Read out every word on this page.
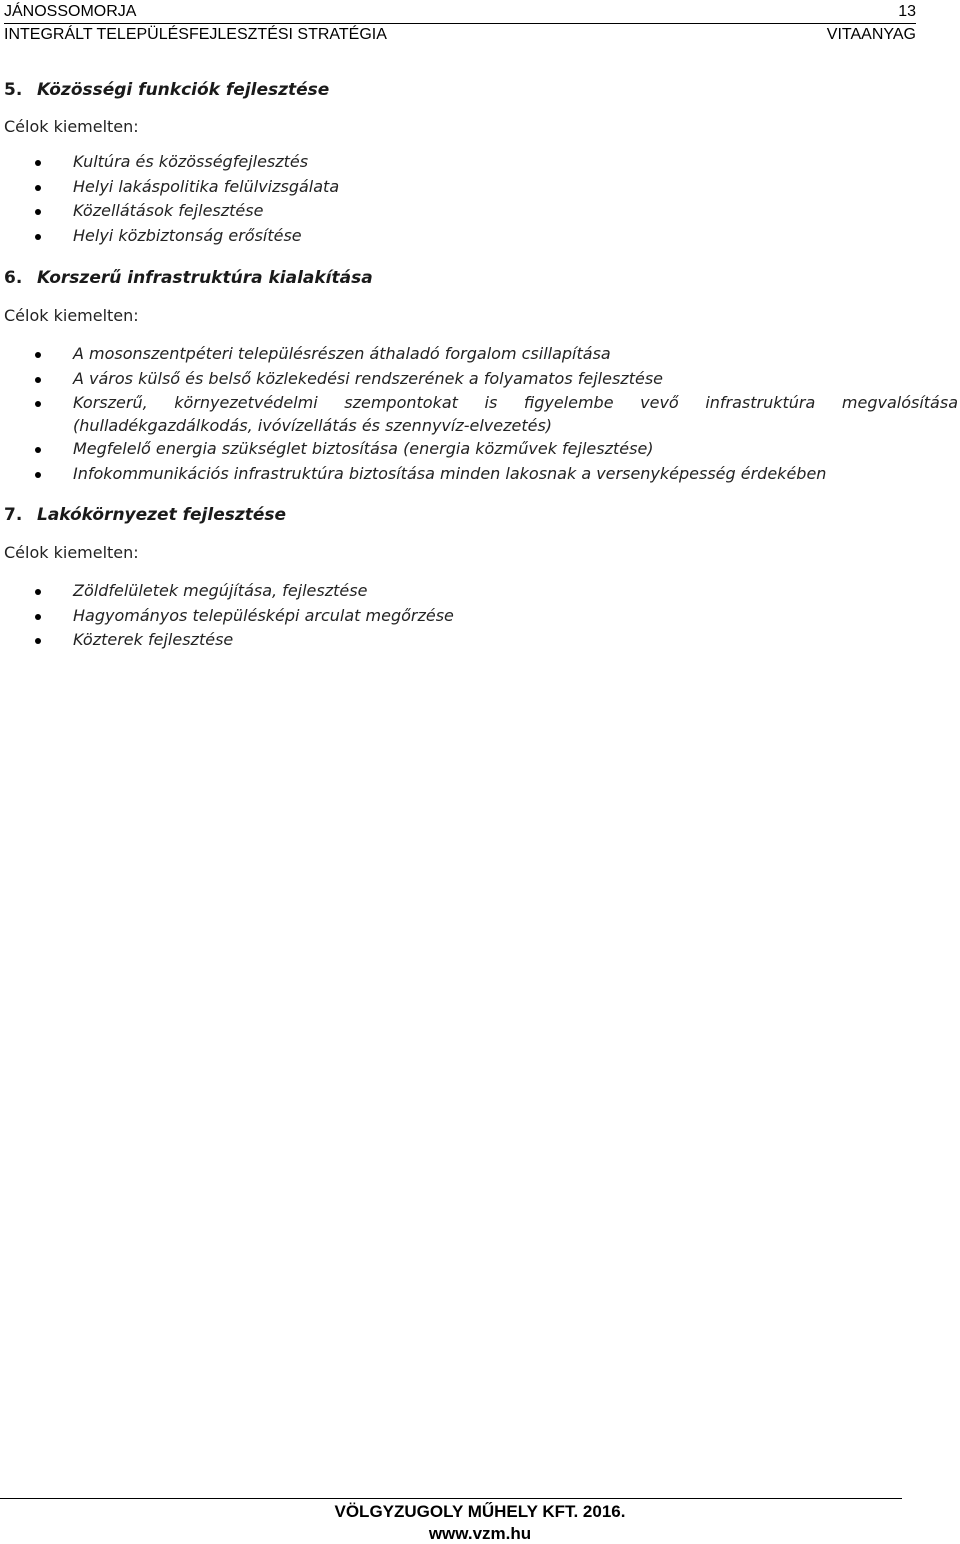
JÁNOSSOMORJA	13
INTEGRÁLT TELEPÜLÉSFEJLESZTÉSI STRATÉGIA	VITAANYAG
5. Közösségi funkciók fejlesztése
Célok kiemelten:
Kultúra és közösségfejlesztés
Helyi lakáspolitika felülvizsgálata
Közellátások fejlesztése
Helyi közbiztonság erősítése
6. Korszerű infrastruktúra kialakítása
Célok kiemelten:
A mosonszentpéteri településrészen áthaladó forgalom csillapítása
A város külső és belső közlekedési rendszerének a folyamatos fejlesztése
Korszerű, környezetvédelmi szempontokat is figyelembe vevő infrastruktúra megvalósítása (hulladékgazdálkodás, ivóvízellátás és szennyvíz-elvezetés)
Megfelelő energia szükséglet biztosítása (energia közművek fejlesztése)
Infokommunikációs infrastruktúra biztosítása minden lakosnak a versenyképesség érdekében
7. Lakókörnyezet fejlesztése
Célok kiemelten:
Zöldfelületek megújítása, fejlesztése
Hagyományos településképi arculat megőrzése
Közterek fejlesztése
VÖLGYZUGOLY MŰHELY KFT. 2016.
www.vzm.hu
